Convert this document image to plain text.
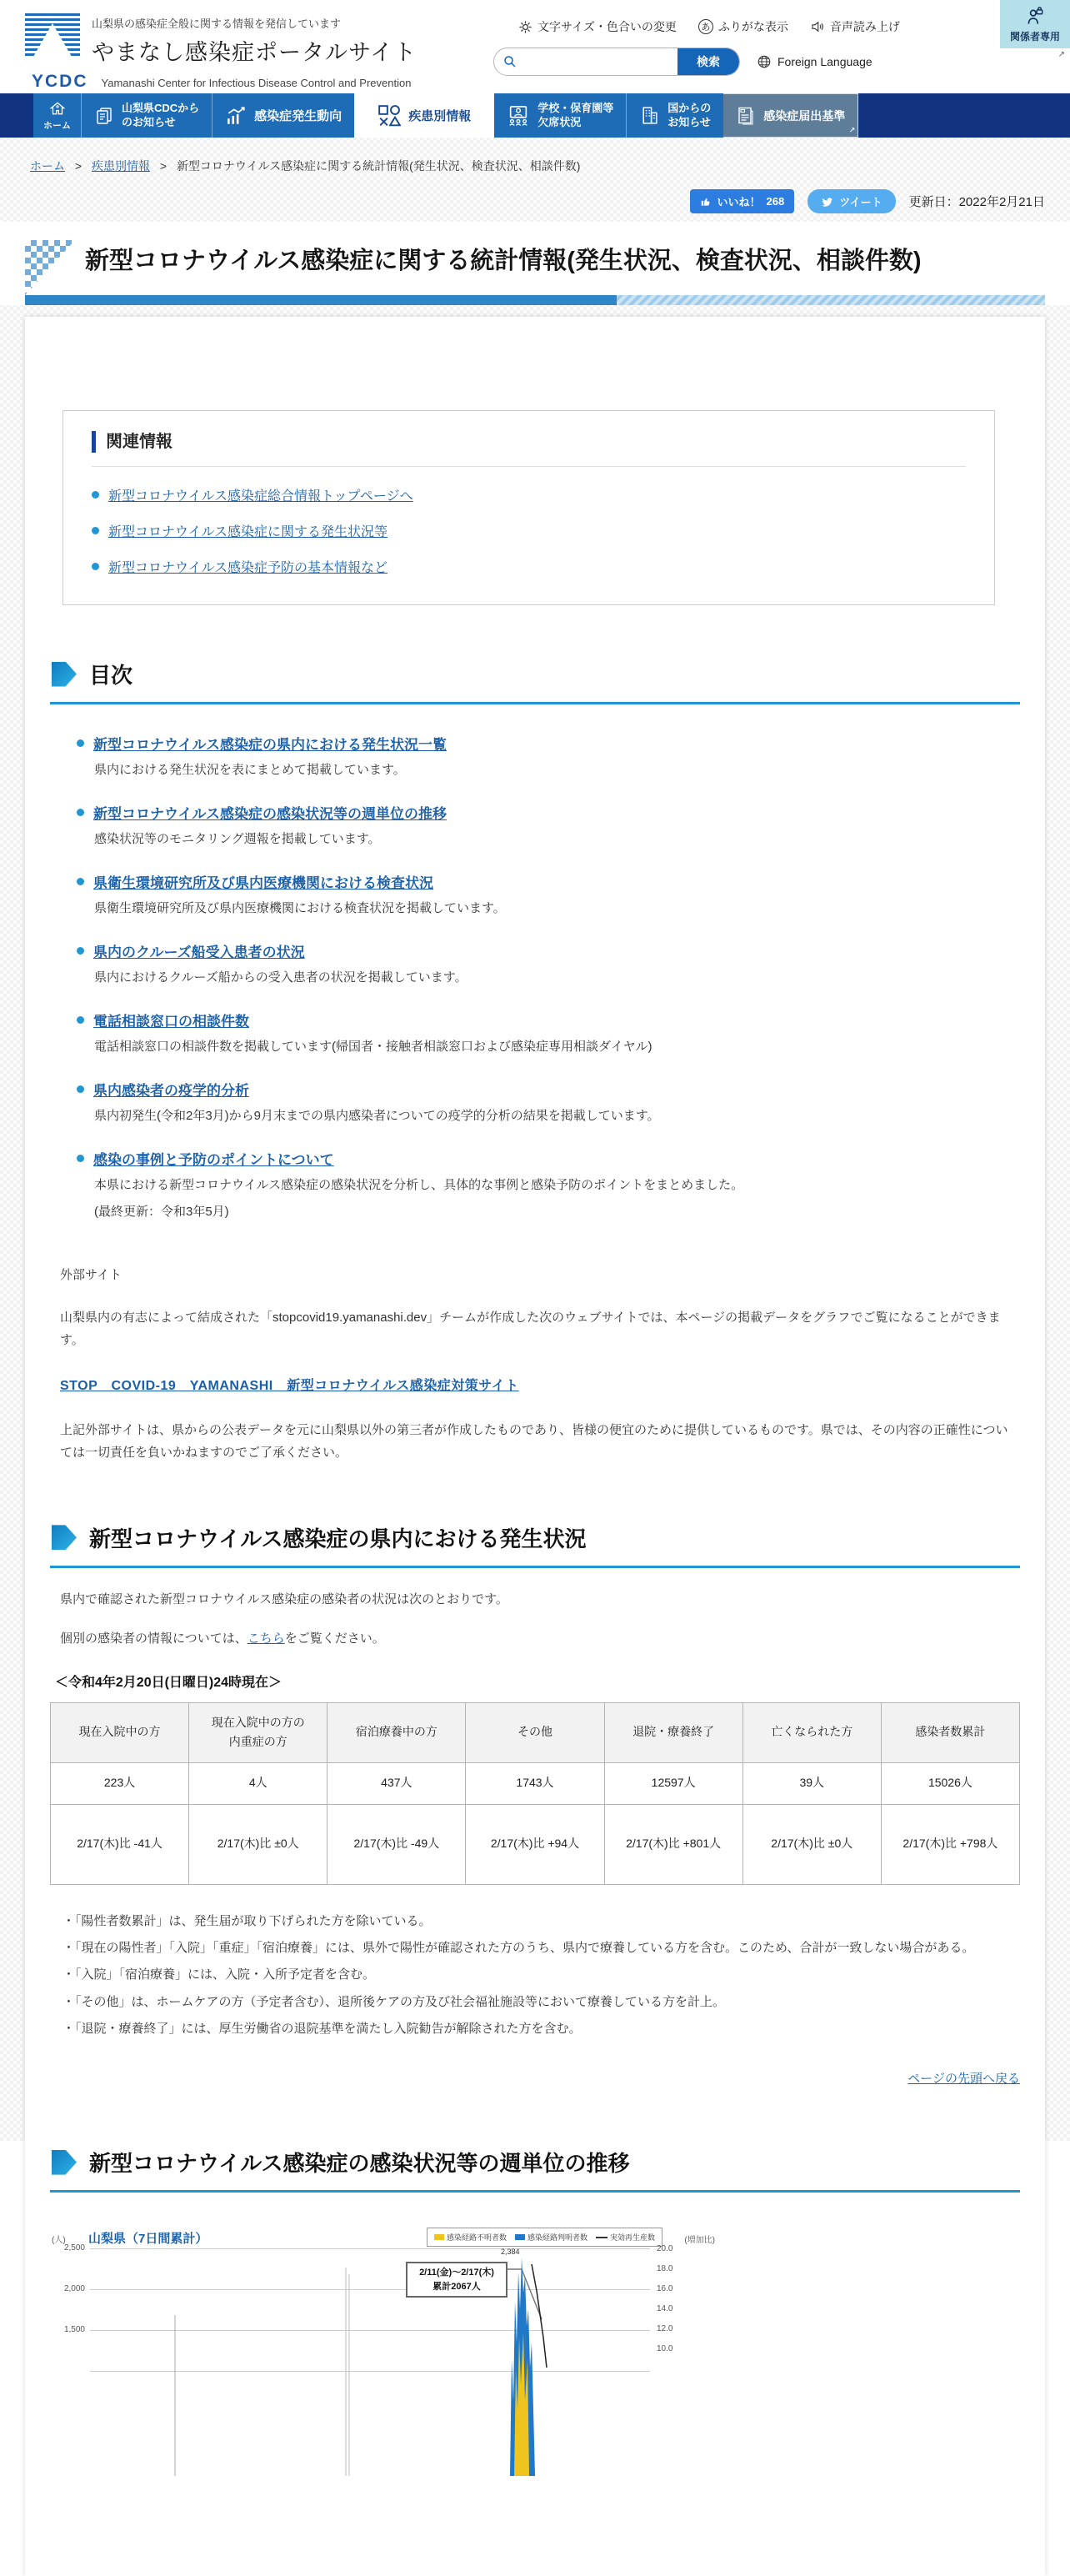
山梨県の感染症全般に関する情報を発信しています
やまなし感染症ポータルサイト
YCDC Yamanashi Center for Infectious Disease Control and Prevention
文字サイズ・色合いの変更	あ ふりがな表示	音声読み上げ
検索	Foreign Language
関係者専用
↗
ホーム
山梨県CDCから
のお知らせ	感染症発生動向	疾患別情報
学校・保育園等
欠席状況
国からの
お知らせ	感染症届出基準
↗
ホーム > 疾患別情報 > 新型コロナウイルス感染症に関する統計情報(発生状況、検査状況、相談件数)
いいね！ 268	ツイート 更新日：2022年2月21日
新型コロナウイルス感染症に関する統計情報(発生状況、検査状況、相談件数)
関連情報
新型コロナウイルス感染症総合情報トップページへ
新型コロナウイルス感染症に関する発生状況等
新型コロナウイルス感染症予防の基本情報など
目次
新型コロナウイルス感染症の県内における発生状況一覧
県内における発生状況を表にまとめて掲載しています。
新型コロナウイルス感染症の感染状況等の週単位の推移
感染状況等のモニタリング週報を掲載しています。
県衛生環境研究所及び県内医療機関における検査状況
県衛生環境研究所及び県内医療機関における検査状況を掲載しています。
県内のクルーズ船受入患者の状況
県内におけるクルーズ船からの受入患者の状況を掲載しています。
電話相談窓口の相談件数
電話相談窓口の相談件数を掲載しています(帰国者・接触者相談窓口および感染症専用相談ダイヤル)
県内感染者の疫学的分析
県内初発生(令和2年3月)から9月末までの県内感染者についての疫学的分析の結果を掲載しています。
感染の事例と予防のポイントについて
本県における新型コロナウイルス感染症の感染状況を分析し、具体的な事例と感染予防のポイントをまとめました。
(最終更新：令和3年5月)
外部サイト

山梨県内の有志によって結成された「stopcovid19.yamanashi.dev」チームが作成した次のウェブサイトでは、本ページの掲載データをグラフでご覧になることができます。

STOP　COVID-19　YAMANASHI　新型コロナウイルス感染症対策サイト

上記外部サイトは、県からの公表データを元に山梨県以外の第三者が作成したものであり、皆様の便宜のために提供しているものです。県では、その内容の正確性については一切責任を負いかねますのでご了承ください。

新型コロナウイルス感染症の県内における発生状況

県内で確認された新型コロナウイルス感染症の感染者の状況は次のとおりです。

個別の感染者の情報については、こちらをご覧ください。

＜令和4年2月20日(日曜日)24時現在＞
現在入院中の方	現在入院中の方の内重症の方	宿泊療養中の方	その他	退院・療養終了	亡くなられた方	感染者数累計
223人	4人	437人	1743人	12597人	39人	15026人
2/17(木)比 -41人	2/17(木)比 ±0人	2/17(木)比 -49人	2/17(木)比 +94人	2/17(木)比 +801人	2/17(木)比 ±0人	2/17(木)比 +798人
・「陽性者数累計」は、発生届が取り下げられた方を除いている。
・「現在の陽性者」「入院」「重症」「宿泊療養」には、県外で陽性が確認された方のうち、県内で療養している方を含む。このため、合計が一致しない場合がある。
・「入院」「宿泊療養」には、入院・入所予定者を含む。
・「その他」は、ホームケアの方（予定者含む）、退所後ケアの方及び社会福祉施設等において療養している方を計上。
・「退院・療養終了」には、厚生労働省の退院基準を満たし入院勧告が解除された方を含む。
ページの先頭へ戻る
新型コロナウイルス感染症の感染状況等の週単位の推移
(人) 山梨県（7日間累計）	感染経路不明者数	感染経路判明者数	実効再生産数	(増加比)
2,500
2,000
1,500
20.0
18.0
16.0
14.0
12.0
10.0
2/11(金)～2/17(木)
累計2067人
2,384
